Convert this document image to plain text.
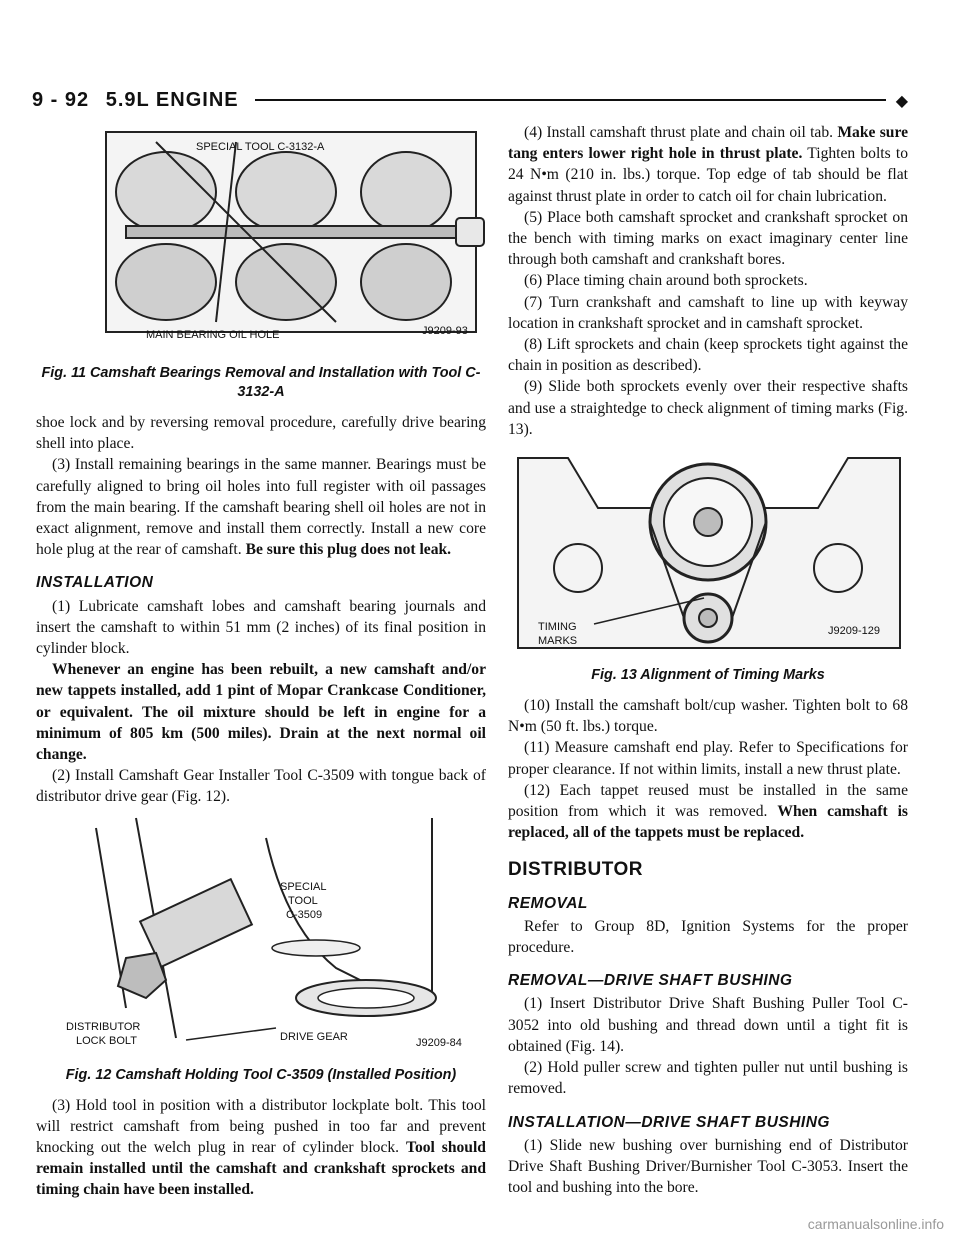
9 - 92 5.9L ENGINE	◆
SPECIAL TOOL C-3132-A
MAIN BEARING OIL HOLE	J9209-93
Fig. 11 Camshaft Bearings Removal and Installation with Tool C-3132-A

shoe lock and by reversing removal procedure, carefully drive bearing shell into place.

(3) Install remaining bearings in the same manner. Bearings must be carefully aligned to bring oil holes into full register with oil passages from the main bearing. If the camshaft bearing shell oil holes are not in exact alignment, remove and install them correctly. Install a new core hole plug at the rear of camshaft. Be sure this plug does not leak.

INSTALLATION

(1) Lubricate camshaft lobes and camshaft bearing journals and insert the camshaft to within 51 mm (2 inches) of its final position in cylinder block.

Whenever an engine has been rebuilt, a new camshaft and/or new tappets installed, add 1 pint of Mopar Crankcase Conditioner, or equivalent. The oil mixture should be left in engine for a minimum of 805 km (500 miles). Drain at the next normal oil change.

(2) Install Camshaft Gear Installer Tool C-3509 with tongue back of distributor drive gear (Fig. 12).

SPECIAL
TOOL
C-3509
DISTRIBUTOR
LOCK BOLT	DRIVE GEAR	J9209-84
Fig. 12 Camshaft Holding Tool C-3509 (Installed Position)

(3) Hold tool in position with a distributor lockplate bolt. This tool will restrict camshaft from being pushed in too far and prevent knocking out the welch plug in rear of cylinder block. Tool should remain installed until the camshaft and crankshaft sprockets and timing chain have been installed.

(4) Install camshaft thrust plate and chain oil tab. Make sure tang enters lower right hole in thrust plate. Tighten bolts to 24 N•m (210 in. lbs.) torque. Top edge of tab should be flat against thrust plate in order to catch oil for chain lubrication.

(5) Place both camshaft sprocket and crankshaft sprocket on the bench with timing marks on exact imaginary center line through both camshaft and crankshaft bores.

(6) Place timing chain around both sprockets.

(7) Turn crankshaft and camshaft to line up with keyway location in crankshaft sprocket and in camshaft sprocket.

(8) Lift sprockets and chain (keep sprockets tight against the chain in position as described).

(9) Slide both sprockets evenly over their respective shafts and use a straightedge to check alignment of timing marks (Fig. 13).

TIMING
MARKS
J9209-129
Fig. 13 Alignment of Timing Marks

(10) Install the camshaft bolt/cup washer. Tighten bolt to 68 N•m (50 ft. lbs.) torque.

(11) Measure camshaft end play. Refer to Specifications for proper clearance. If not within limits, install a new thrust plate.

(12) Each tappet reused must be installed in the same position from which it was removed. When camshaft is replaced, all of the tappets must be replaced.

DISTRIBUTOR
REMOVAL

Refer to Group 8D, Ignition Systems for the proper procedure.

REMOVAL—DRIVE SHAFT BUSHING

(1) Insert Distributor Drive Shaft Bushing Puller Tool C-3052 into old bushing and thread down until a tight fit is obtained (Fig. 14).

(2) Hold puller screw and tighten puller nut until bushing is removed.

INSTALLATION—DRIVE SHAFT BUSHING

(1) Slide new bushing over burnishing end of Distributor Drive Shaft Bushing Driver/Burnisher Tool C-3053. Insert the tool and bushing into the bore.

carmanualsonline.info
